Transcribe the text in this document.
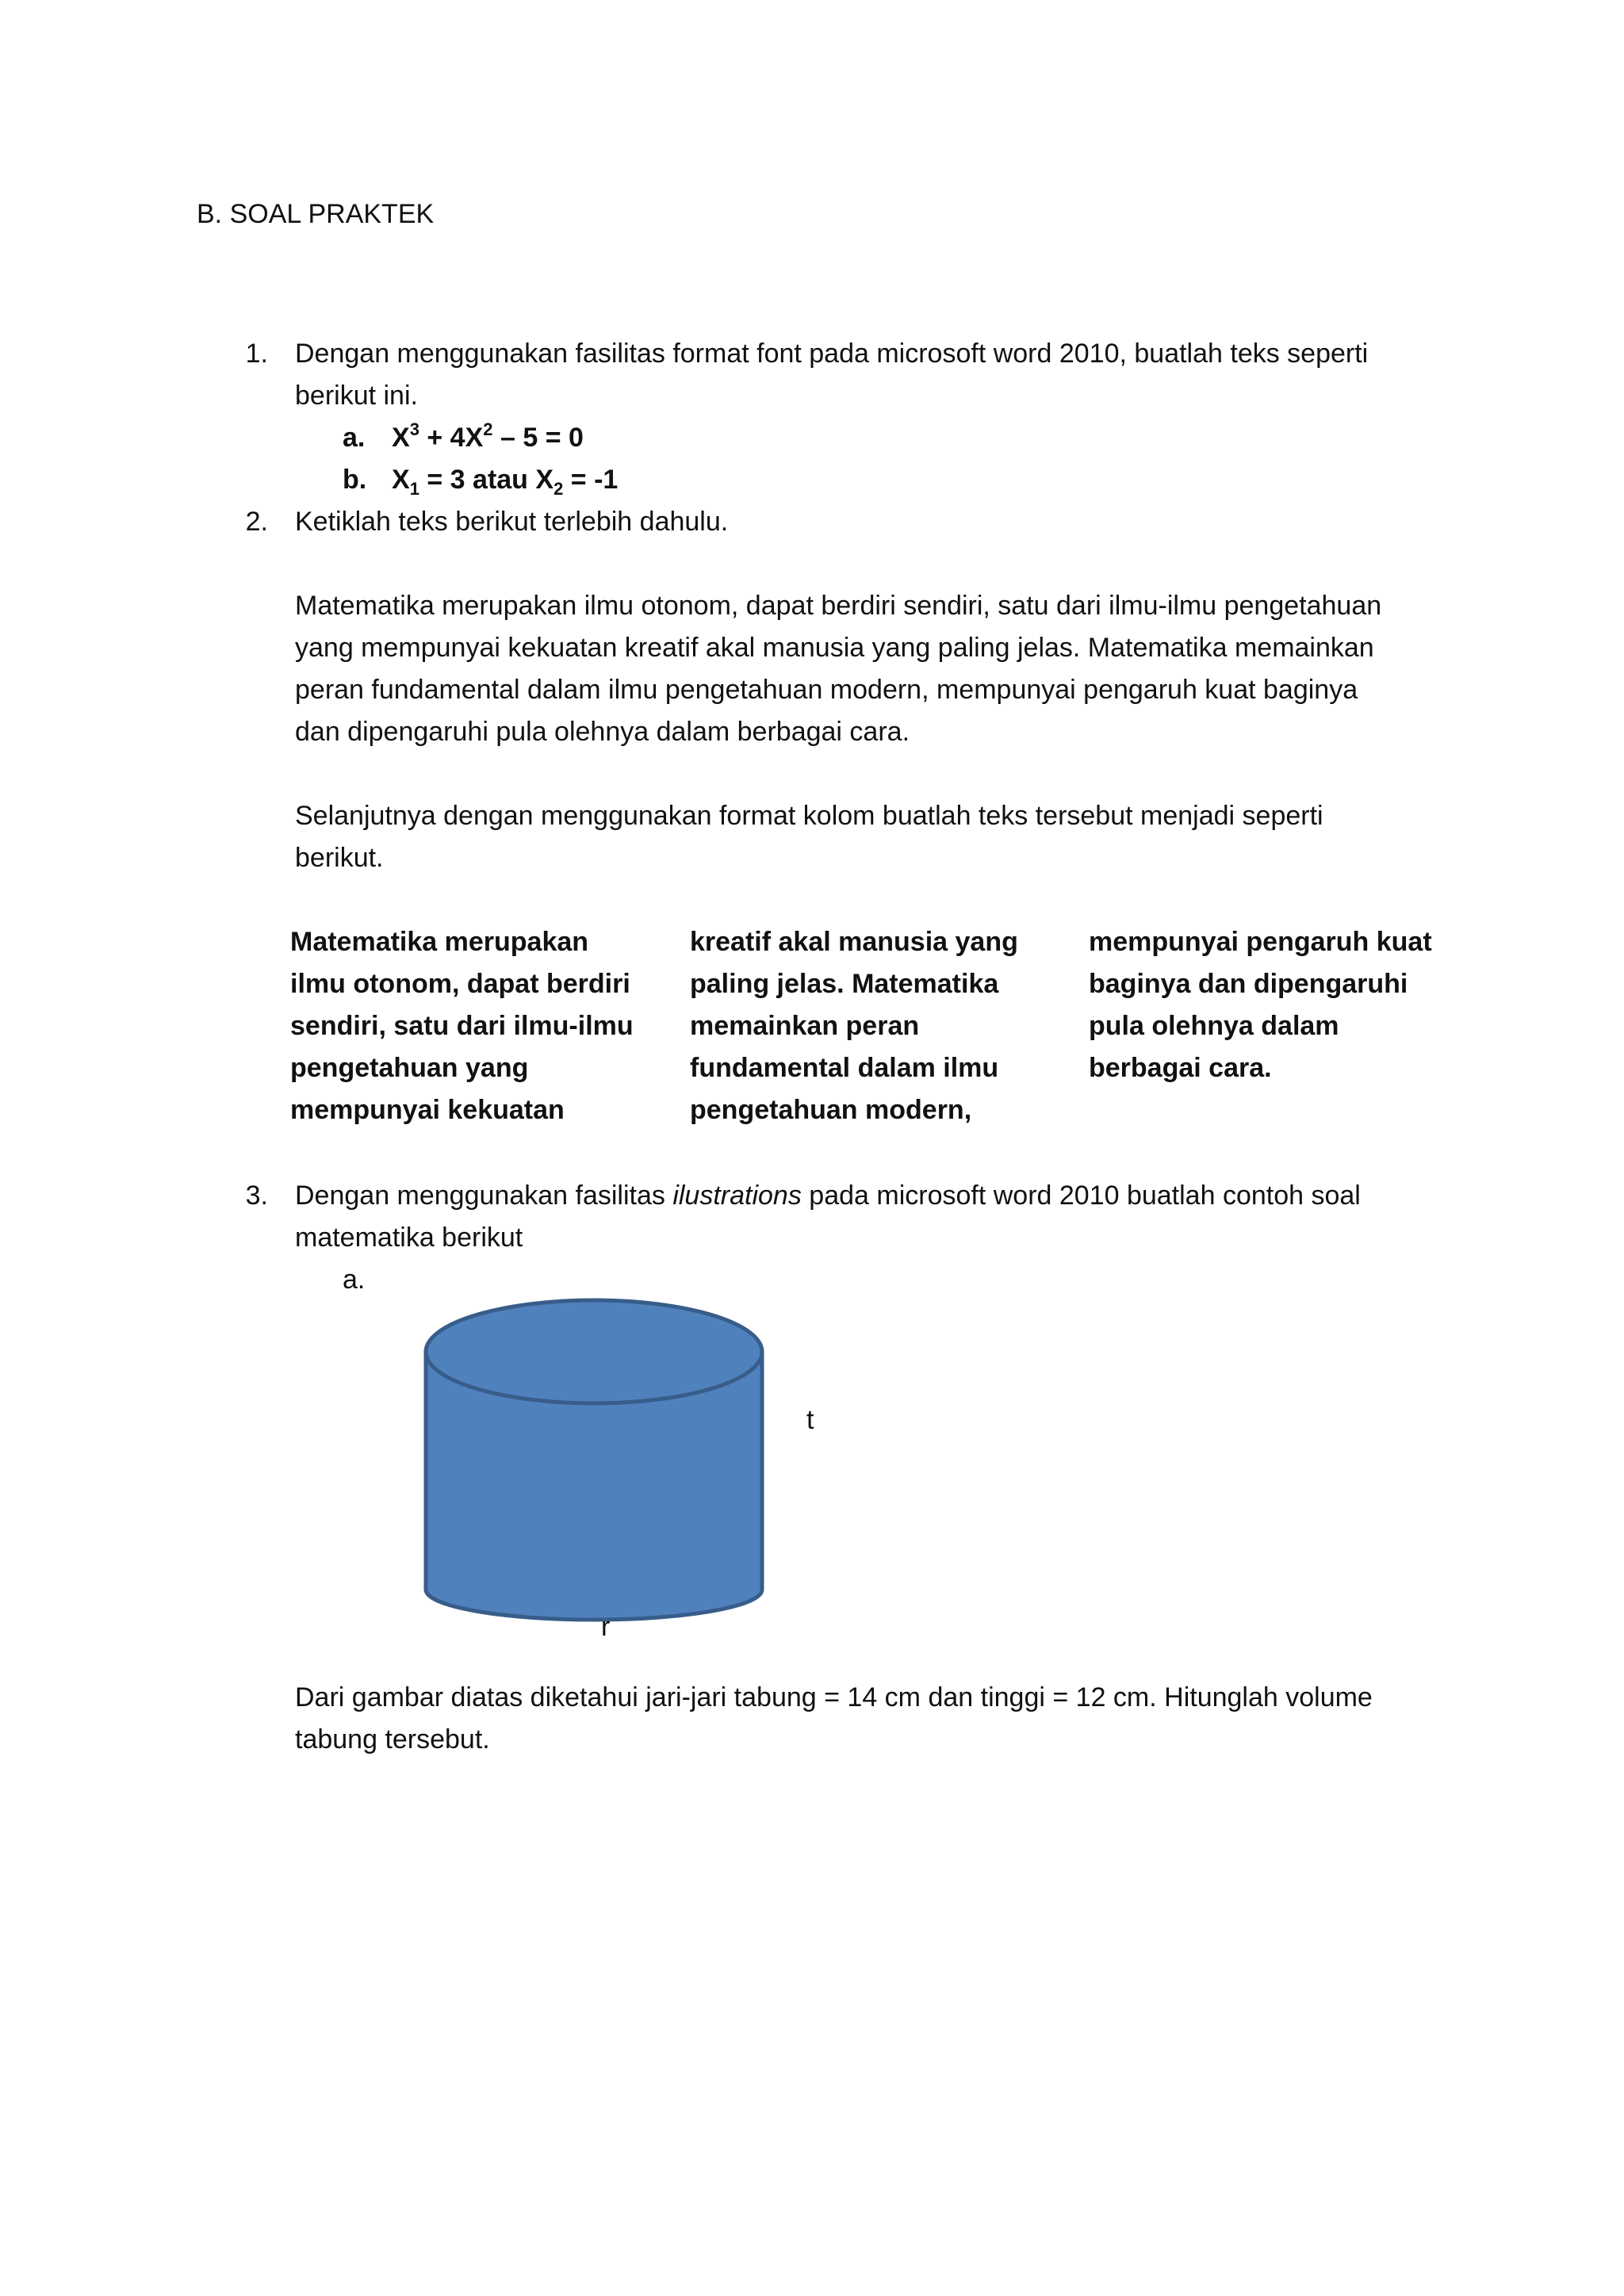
B. SOAL PRAKTEK
1. Dengan menggunakan fasilitas format font pada microsoft word 2010, buatlah teks seperti
berikut ini.
a. $X^3 + 4X^2 - 5 = 0$
b. $X_1 = 3$ atau $X_2 = -1$
2. Ketiklah teks berikut terlebih dahulu.
Matematika merupakan ilmu otonom, dapat berdiri sendiri, satu dari ilmu-ilmu pengetahuan
yang mempunyai kekuatan kreatif akal manusia yang paling jelas. Matematika memainkan
peran fundamental dalam ilmu pengetahuan modern, mempunyai pengaruh kuat baginya
dan dipengaruhi pula olehnya dalam berbagai cara.
Selanjutnya dengan menggunakan format kolom buatlah teks tersebut menjadi seperti
berikut.
Matematika merupakan
ilmu otonom, dapat berdiri
sendiri, satu dari ilmu-ilmu
pengetahuan yang
mempunyai kekuatan
kreatif akal manusia yang
paling jelas. Matematika
memainkan peran
fundamental dalam ilmu
pengetahuan modern,
mempunyai pengaruh kuat
baginya dan dipengaruhi
pula olehnya dalam
berbagai cara.
3. Dengan menggunakan fasilitas ilustrations pada microsoft word 2010 buatlah contoh soal
matematika berikut
a.
t
r
Dari gambar diatas diketahui jari-jari tabung = 14 cm dan tinggi = 12 cm. Hitunglah volume
tabung tersebut.
